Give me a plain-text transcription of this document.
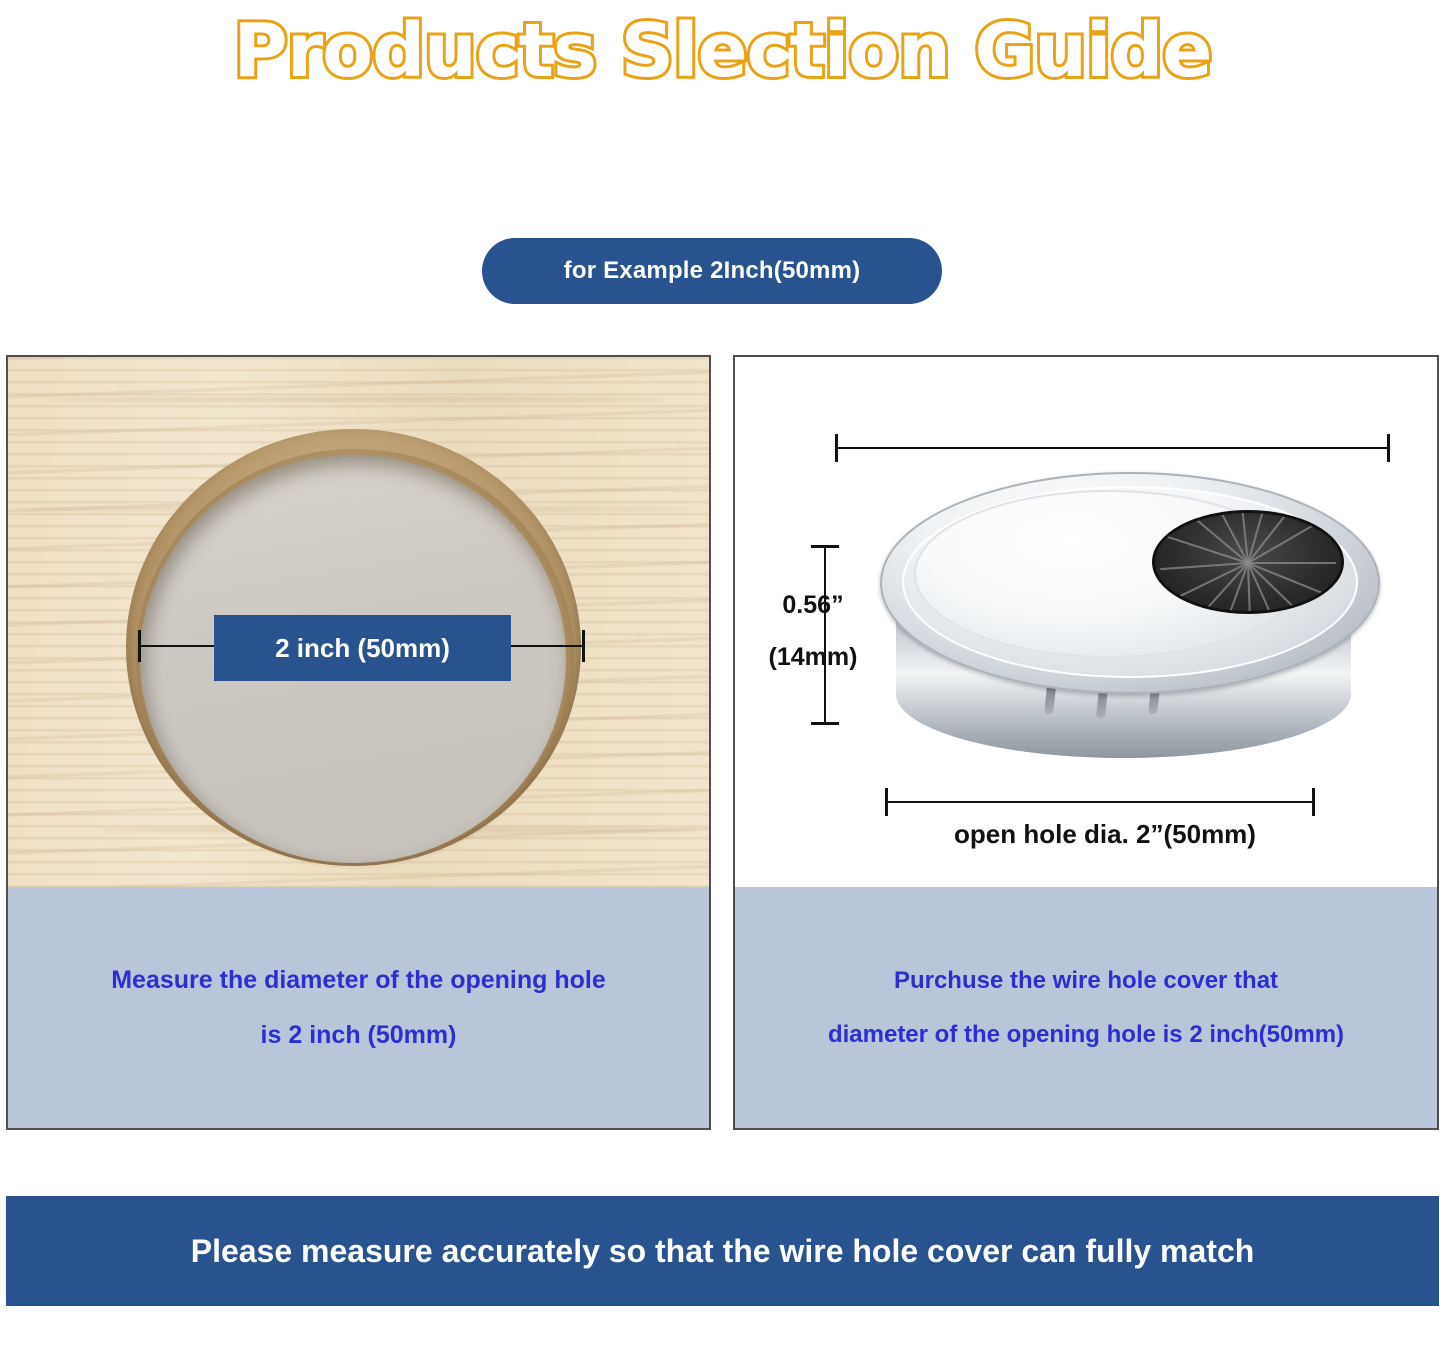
Products Slection Guide
for Example 2Inch(50mm)
2 inch (50mm)
Measure the diameter of the opening hole
is 2 inch (50mm)
0.56”
(14mm)
open hole dia. 2”(50mm)
Purchuse the wire hole cover that
diameter of the opening hole is 2 inch(50mm)
Please measure accurately so that the wire hole cover can fully match
